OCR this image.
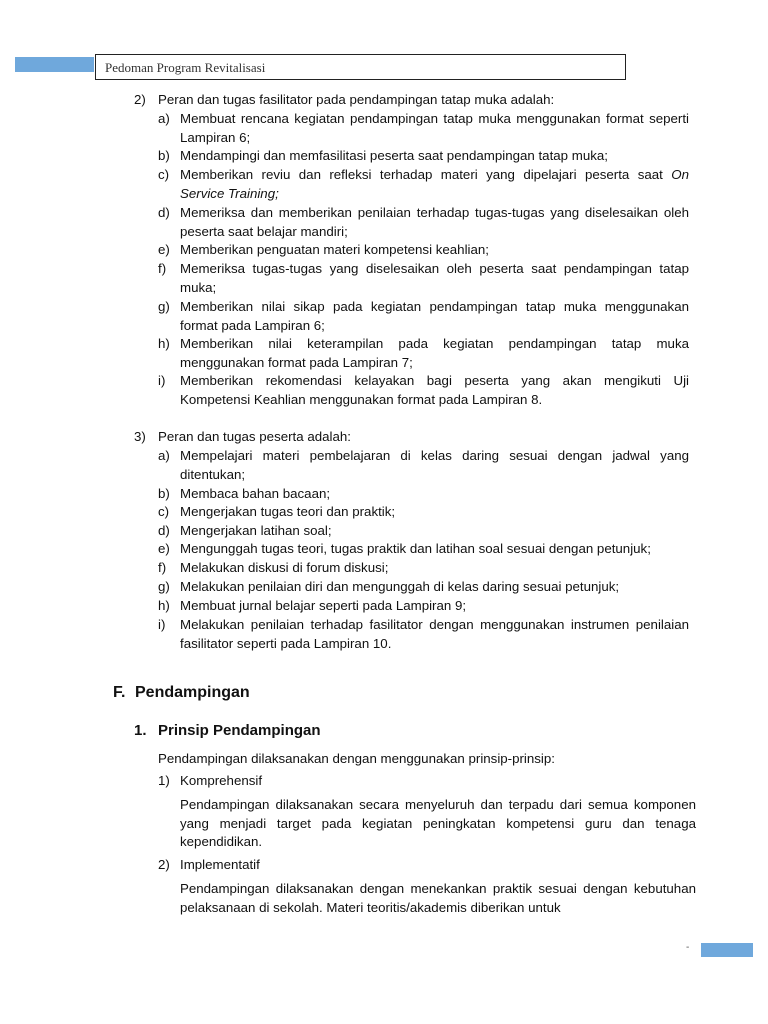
Pedoman Program Revitalisasi
2) Peran dan tugas fasilitator pada pendampingan tatap muka adalah:
a) Membuat rencana kegiatan pendampingan tatap muka menggunakan format seperti Lampiran 6;
b) Mendampingi dan memfasilitasi peserta saat pendampingan tatap muka;
c) Memberikan reviu dan refleksi terhadap materi yang dipelajari peserta saat On Service Training;
d) Memeriksa dan memberikan penilaian terhadap tugas-tugas yang diselesaikan oleh peserta saat belajar mandiri;
e) Memberikan penguatan materi kompetensi keahlian;
f)	Memeriksa tugas-tugas yang diselesaikan oleh peserta saat pendampingan tatap muka;
g) Memberikan nilai sikap pada kegiatan pendampingan tatap muka menggunakan format pada Lampiran 6;
h) Memberikan nilai keterampilan pada kegiatan pendampingan tatap muka menggunakan format pada Lampiran 7;
i)	Memberikan rekomendasi kelayakan bagi peserta yang akan mengikuti Uji Kompetensi Keahlian menggunakan format pada Lampiran 8.
3) Peran dan tugas peserta adalah:
a) Mempelajari materi pembelajaran di kelas daring sesuai dengan jadwal yang ditentukan;
b) Membaca bahan bacaan;
c) Mengerjakan tugas teori dan praktik;
d) Mengerjakan latihan soal;
e) Mengunggah tugas teori, tugas praktik dan latihan soal sesuai dengan petunjuk;
f)	Melakukan diskusi di forum diskusi;
g) Melakukan penilaian diri dan mengunggah di kelas daring sesuai petunjuk;
h) Membuat jurnal belajar seperti pada Lampiran 9;
i)	Melakukan penilaian terhadap fasilitator dengan menggunakan instrumen penilaian fasilitator seperti pada Lampiran 10.
F. Pendampingan
1. Prinsip Pendampingan
Pendampingan dilaksanakan dengan menggunakan prinsip-prinsip:
1) Komprehensif
Pendampingan dilaksanakan secara menyeluruh dan terpadu dari semua komponen yang menjadi target pada kegiatan peningkatan kompetensi guru dan tenaga kependidikan.
2) Implementatif
Pendampingan dilaksanakan dengan menekankan praktik sesuai dengan kebutuhan pelaksanaan di sekolah. Materi teoritis/akademis diberikan untuk
-
